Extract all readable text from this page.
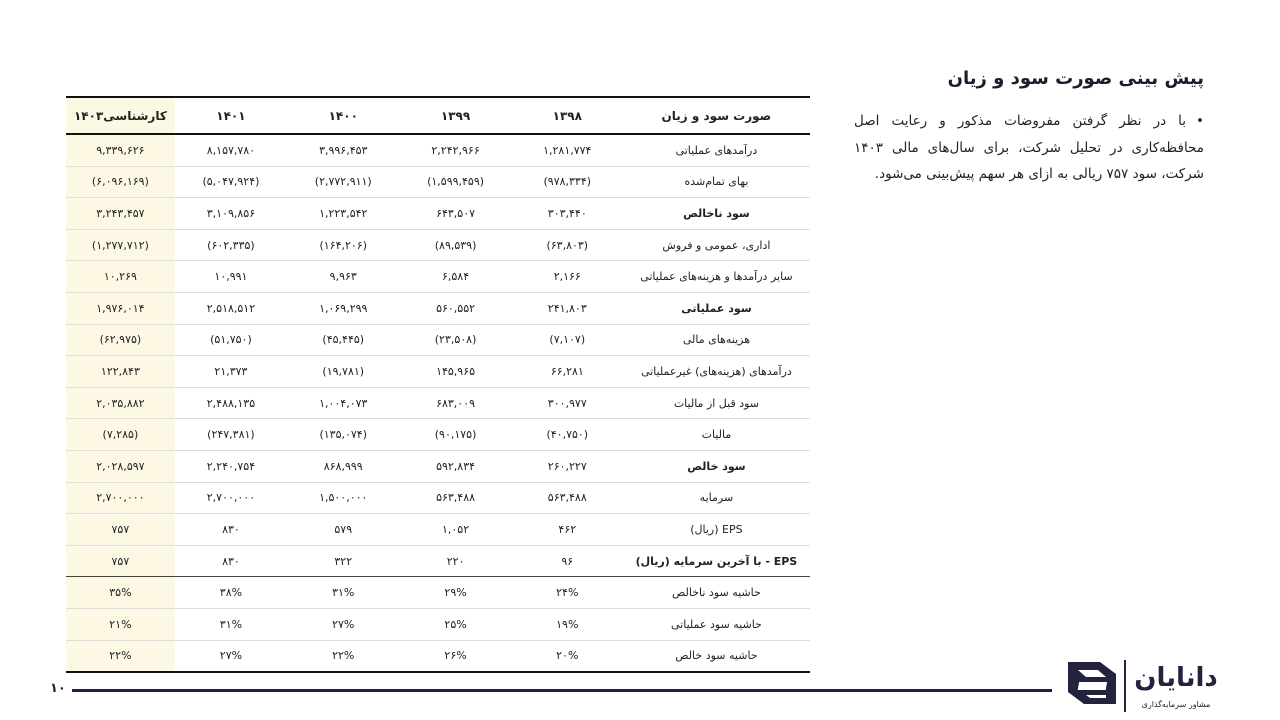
پیش بینی صورت سود و زیان
•با در نظر گرفتن مفروضات مذکور و رعایت اصل محافظه‌کاری در تحلیل شرکت، برای سال‌های مالی ۱۴۰۳ شرکت، سود ۷۵۷ ریالی به ازای هر سهم پیش‌بینی می‌شود.
صورت سود و زیان	۱۳۹۸	۱۳۹۹	۱۴۰۰	۱۴۰۱	کارشناسی۱۴۰۳
درآمدهای عملیاتی	۱,۲۸۱,۷۷۴	۲,۲۴۲,۹۶۶	۳,۹۹۶,۴۵۳	۸,۱۵۷,۷۸۰	۹,۳۳۹,۶۲۶
بهای تمام‌شده	(۹۷۸,۳۳۴)	(۱,۵۹۹,۴۵۹)	(۲,۷۷۲,۹۱۱)	(۵,۰۴۷,۹۲۴)	(۶,۰۹۶,۱۶۹)
سود ناخالص	۳۰۳,۴۴۰	۶۴۳,۵۰۷	۱,۲۲۳,۵۴۲	۳,۱۰۹,۸۵۶	۳,۲۴۳,۴۵۷
اداری، عمومی و فروش	(۶۳,۸۰۳)	(۸۹,۵۳۹)	(۱۶۴,۲۰۶)	(۶۰۲,۳۳۵)	(۱,۲۷۷,۷۱۲)
سایر درآمدها و هزینه‌های عملیاتی	۲,۱۶۶	۶,۵۸۴	۹,۹۶۳	۱۰,۹۹۱	۱۰,۲۶۹
سود عملیاتی	۲۴۱,۸۰۳	۵۶۰,۵۵۲	۱,۰۶۹,۲۹۹	۲,۵۱۸,۵۱۲	۱,۹۷۶,۰۱۴
هزینه‌های مالی	(۷,۱۰۷)	(۲۳,۵۰۸)	(۴۵,۴۴۵)	(۵۱,۷۵۰)	(۶۲,۹۷۵)
درآمدهای (هزینه‌های) غیرعملیاتی	۶۶,۲۸۱	۱۴۵,۹۶۵	(۱۹,۷۸۱)	۲۱,۳۷۳	۱۲۲,۸۴۳
سود قبل از مالیات	۳۰۰,۹۷۷	۶۸۳,۰۰۹	۱,۰۰۴,۰۷۳	۲,۴۸۸,۱۳۵	۲,۰۳۵,۸۸۲
مالیات	(۴۰,۷۵۰)	(۹۰,۱۷۵)	(۱۳۵,۰۷۴)	(۲۴۷,۳۸۱)	(۷,۲۸۵)
سود خالص	۲۶۰,۲۲۷	۵۹۲,۸۳۴	۸۶۸,۹۹۹	۲,۲۴۰,۷۵۴	۲,۰۲۸,۵۹۷
سرمایه	۵۶۳,۴۸۸	۵۶۳,۴۸۸	۱,۵۰۰,۰۰۰	۲,۷۰۰,۰۰۰	۲,۷۰۰,۰۰۰
EPS (ریال)	۴۶۲	۱,۰۵۲	۵۷۹	۸۳۰	۷۵۷
EPS - با آخرین سرمایه (ریال)	۹۶	۲۲۰	۳۲۲	۸۳۰	۷۵۷
حاشیه سود ناخالص	۲۴%	۲۹%	۳۱%	۳۸%	۳۵%
حاشیه سود عملیاتی	۱۹%	۲۵%	۲۷%	۳۱%	۲۱%
حاشیه سود خالص	۲۰%	۲۶%	۲۲%	۲۷%	۲۲%
۱۰	دانایان
مشاور سرمایه‌گذاری
